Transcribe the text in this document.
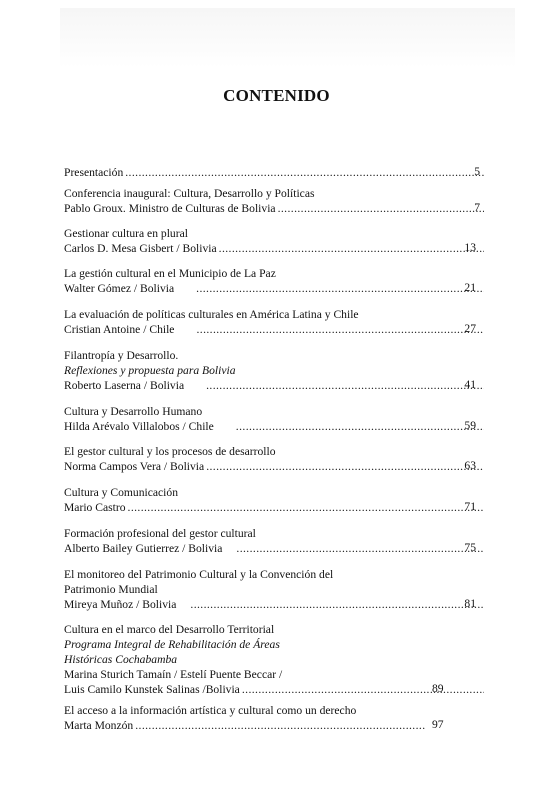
CONTENIDO
Presentación .....	5
Conferencia inaugural: Cultura, Desarrollo y Políticas
Pablo Groux. Ministro de Culturas de Bolivia .....	7
Gestionar cultura en plural
Carlos D. Mesa Gisbert / Bolivia .....	13
La gestión cultural en el Municipio de La Paz
Walter Gómez / Bolivia .....	21
La evaluación de políticas culturales en América Latina y Chile
Cristian Antoine / Chile .....	27
Filantropía y Desarrollo.
Reflexiones y propuesta para Bolivia
Roberto Laserna / Bolivia .....	41
Cultura y Desarrollo Humano
Hilda Arévalo Villalobos / Chile .....	59
El gestor cultural y los procesos de desarrollo
Norma Campos Vera / Bolivia .....	63
Cultura y Comunicación
Mario Castro .....	71
Formación profesional del gestor cultural
Alberto Bailey Gutierrez / Bolivia .....	75
El monitoreo del Patrimonio Cultural y la Convención del
Patrimonio Mundial
Mireya Muñoz / Bolivia .....	81
Cultura en el marco del Desarrollo Territorial
Programa Integral de Rehabilitación de Áreas
Históricas Cochabamba
Marina Sturich Tamaín / Estelí Puente Beccar /
Luis Camilo Kunstek Salinas /Bolivia .....	89
El acceso a la información artística y cultural como un derecho
Marta Monzón .....	97
